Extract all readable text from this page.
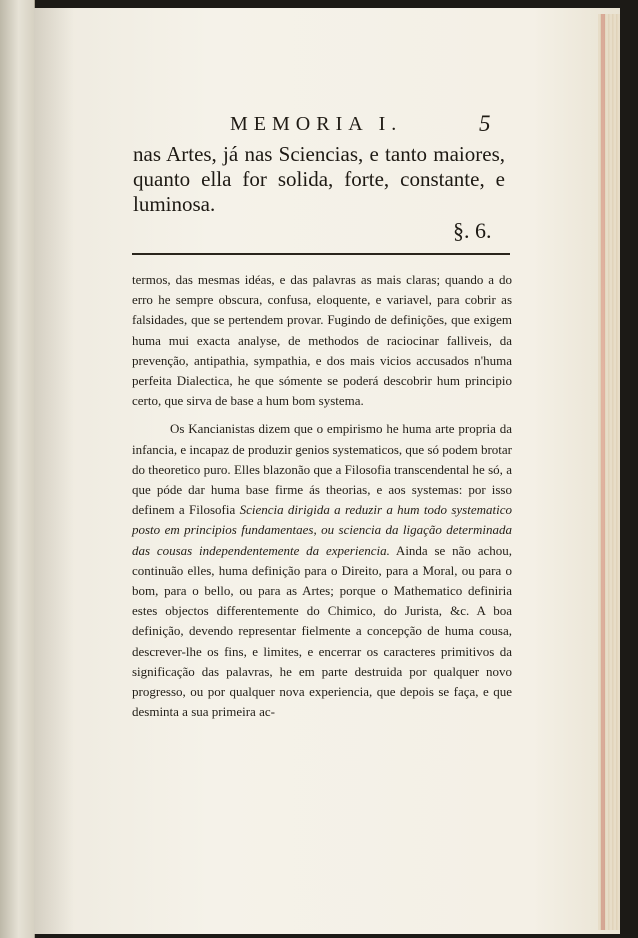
MEMORIA I.	5
nas Artes, já nas Sciencias, e tanto maiores, quanto ella for solida, forte, constante, e luminosa.
§. 6.

termos, das mesmas idéas, e das palavras as mais claras; quando a do erro he sempre obscura, confusa, eloquente, e variavel, para cobrir as falsidades, que se pertendem provar. Fugindo de definições, que exigem huma mui exacta analyse, de methodos de raciocinar falliveis, da prevenção, antipathia, sympathia, e dos mais vicios accusados n'huma perfeita Dialectica, he que sómente se poderá descobrir hum principio certo, que sirva de base a hum bom systema.

Os Kancianistas dizem que o empirismo he huma arte propria da infancia, e incapaz de produzir genios systematicos, que só podem brotar do theoretico puro. Elles blazonão que a Filosofia transcendental he só, a que póde dar huma base firme ás theorias, e aos systemas: por isso definem a Filosofia Sciencia dirigida a reduzir a hum todo systematico posto em principios fundamentaes, ou sciencia da ligação determinada das cousas independentemente da experiencia. Ainda se não achou, continuão elles, huma definição para o Direito, para a Moral, ou para o bom, para o bello, ou para as Artes; porque o Mathematico definiria estes objectos differentemente do Chimico, do Jurista, &c. A boa definição, devendo representar fielmente a concepção de huma cousa, descrever-lhe os fins, e limites, e encerrar os caracteres primitivos da significação das palavras, he em parte destruida por qualquer novo progresso, ou por qualquer nova experiencia, que depois se faça, e que desminta a sua primeira ac-
